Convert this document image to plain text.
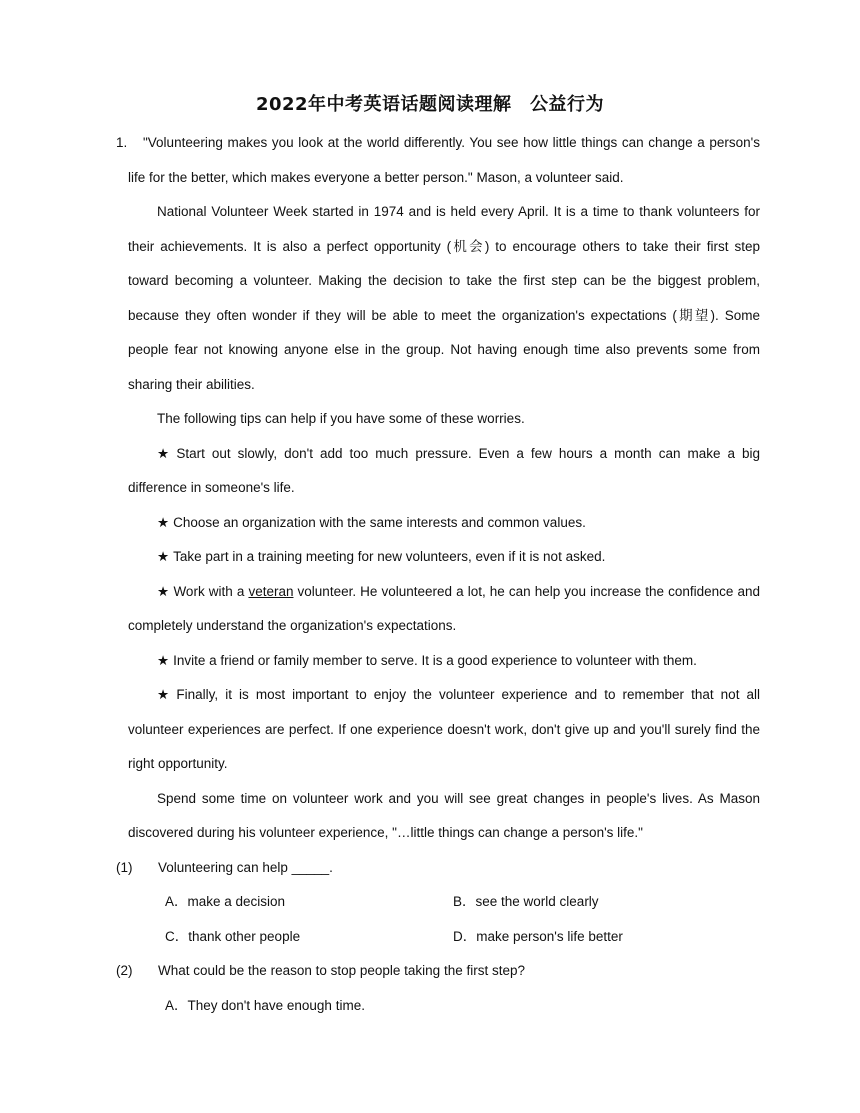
2022年中考英语话题阅读理解　公益行为

1.	"Volunteering makes you look at the world differently. You see how little things can change a person's life for the better, which makes everyone a better person." Mason, a volunteer said.

National Volunteer Week started in 1974 and is held every April. It is a time to thank volunteers for their achievements. It is also a perfect opportunity (机会) to encourage others to take their first step toward becoming a volunteer. Making the decision to take the first step can be the biggest problem, because they often wonder if they will be able to meet the organization's expectations (期望). Some people fear not knowing anyone else in the group. Not having enough time also prevents some from sharing their abilities.

The following tips can help if you have some of these worries.

★ Start out slowly, don't add too much pressure. Even a few hours a month can make a big difference in someone's life.

★ Choose an organization with the same interests and common values.

★ Take part in a training meeting for new volunteers, even if it is not asked.

★ Work with a veteran volunteer. He volunteered a lot, he can help you increase the confidence and completely understand the organization's expectations.

★ Invite a friend or family member to serve. It is a good experience to volunteer with them.

★ Finally, it is most important to enjoy the volunteer experience and to remember that not all volunteer experiences are perfect. If one experience doesn't work, don't give up and you'll surely find the right opportunity.

Spend some time on volunteer work and you will see great changes in people's lives. As Mason discovered during his volunteer experience, "…little things can change a person's life."

(1) Volunteering can help _____.
A．make a decision	B．see the world clearly
C．thank other people	D．make person's life better
(2) What could be the reason to stop people taking the first step?
A．They don't have enough time.
